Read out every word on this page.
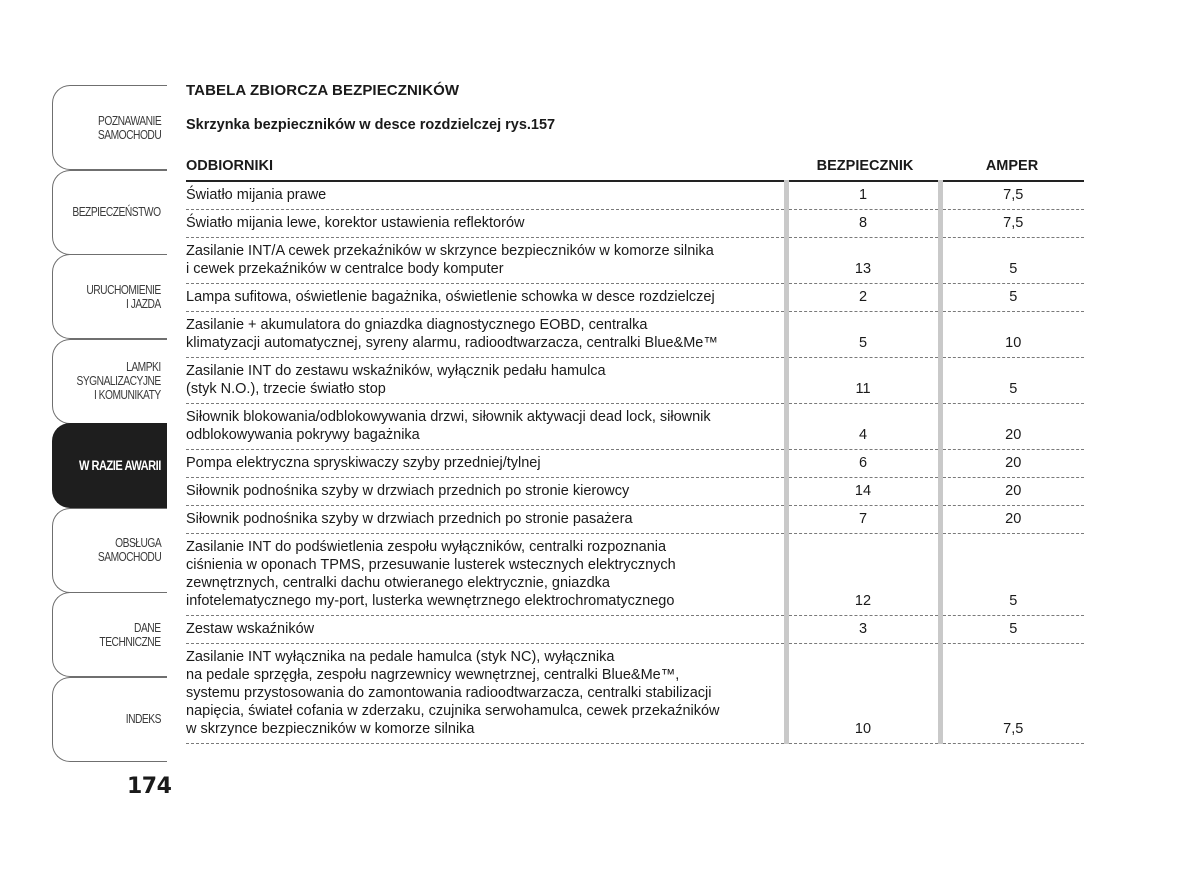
POZNAWANIE
SAMOCHODU
BEZPIECZEŃSTWO
URUCHOMIENIE
I JAZDA
LAMPKI
SYGNALIZACYJNE
I KOMUNIKATY
W RAZIE AWARII
OBSŁUGA
SAMOCHODU
DANE
TECHNICZNE
INDEKS
174
TABELA ZBIORCZA BEZPIECZNIKÓW
Skrzynka bezpieczników w desce rozdzielczej rys.157
ODBIORNIKI	BEZPIECZNIK	AMPER
Światło mijania prawe	1	7,5
Światło mijania lewe, korektor ustawienia reflektorów	8	7,5
Zasilanie INT/A cewek przekaźników w skrzynce bezpieczników w komorze silnika
i cewek przekaźników w centralce body komputer	13	5
Lampa sufitowa, oświetlenie bagażnika, oświetlenie schowka w desce rozdzielczej	2	5
Zasilanie + akumulatora do gniazdka diagnostycznego EOBD, centralka
klimatyzacji automatycznej, syreny alarmu, radioodtwarzacza, centralki Blue&Me™	5	10
Zasilanie INT do zestawu wskaźników, wyłącznik pedału hamulca
(styk N.O.), trzecie światło stop	11	5
Siłownik blokowania/odblokowywania drzwi, siłownik aktywacji dead lock, siłownik
odblokowywania pokrywy bagażnika	4	20
Pompa elektryczna spryskiwaczy szyby przedniej/tylnej	6	20
Siłownik podnośnika szyby w drzwiach przednich po stronie kierowcy	14	20
Siłownik podnośnika szyby w drzwiach przednich po stronie pasażera	7	20
Zasilanie INT do podświetlenia zespołu wyłączników, centralki rozpoznania
ciśnienia w oponach TPMS, przesuwanie lusterek wstecznych elektrycznych
zewnętrznych, centralki dachu otwieranego elektrycznie, gniazdka
infotelematycznego my-port, lusterka wewnętrznego elektrochromatycznego	12	5
Zestaw wskaźników	3	5
Zasilanie INT wyłącznika na pedale hamulca (styk NC), wyłącznika
na pedale sprzęgła, zespołu nagrzewnicy wewnętrznej, centralki Blue&Me™,
systemu przystosowania do zamontowania radioodtwarzacza, centralki stabilizacji
napięcia, świateł cofania w zderzaku, czujnika serwohamulca, cewek przekaźników
w skrzynce bezpieczników w komorze silnika	10	7,5
